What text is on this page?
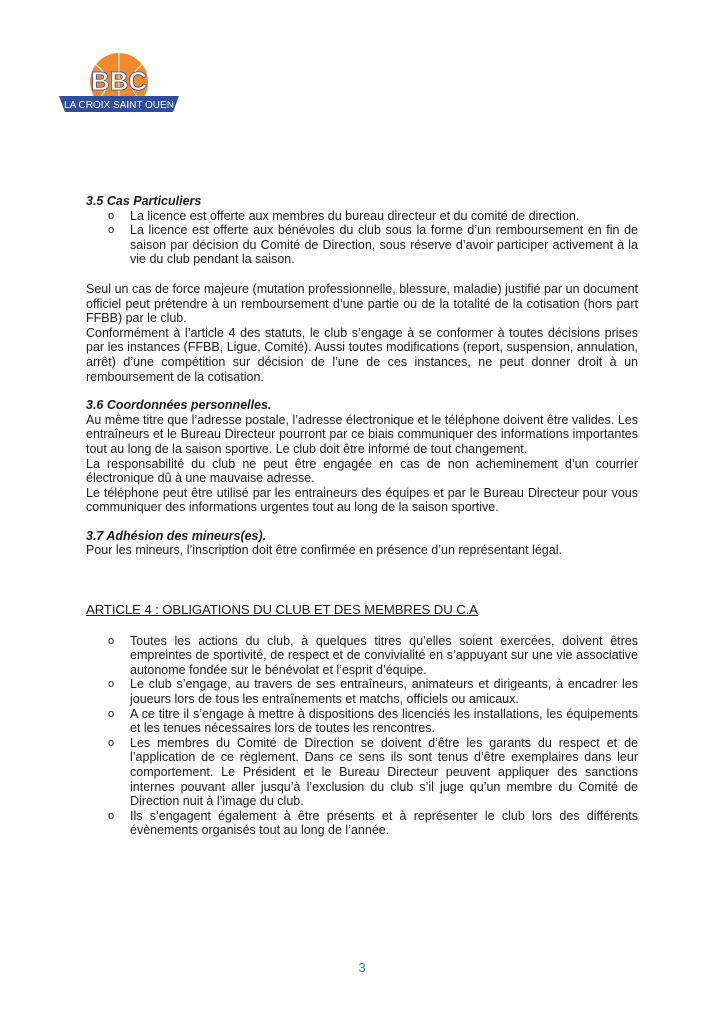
BBC
LA CROIX SAINT OUEN

3.5 Cas Particuliers

o La licence est offerte aux membres du bureau directeur et du comité de direction.
o La licence est offerte aux bénévoles du club sous la forme d’un remboursement en fin de saison par décision du Comité de Direction, sous réserve d’avoir participer activement à la vie du club pendant la saison.

Seul un cas de force majeure (mutation professionnelle, blessure, maladie) justifié par un document officiel peut prétendre à un remboursement d’une partie ou de la totalité de la cotisation (hors part FFBB) par le club.

Conformément à l’article 4 des statuts, le club s’engage à se conformer à toutes décisions prises par les instances (FFBB, Ligue, Comité). Aussi toutes modifications (report, suspension, annulation, arrêt) d’une compétition sur décision de l’une de ces instances, ne peut donner droit à un remboursement de la cotisation.

3.6 Coordonnées personnelles.

Au même titre que l’adresse postale, l’adresse électronique et le téléphone doivent être valides. Les entraîneurs et le Bureau Directeur pourront par ce biais communiquer des informations importantes tout au long de la saison sportive. Le club doit être informé de tout changement.

La responsabilité du club ne peut être engagée en cas de non acheminement d’un courrier électronique dû à une mauvaise adresse.

Le téléphone peut être utilisé par les entraineurs des équipes et par le Bureau Directeur pour vous communiquer des informations urgentes tout au long de la saison sportive.

3.7 Adhésion des mineurs(es).

Pour les mineurs, l’inscription doit être confirmée en présence d’un représentant légal.

ARTICLE 4 : OBLIGATIONS DU CLUB ET DES MEMBRES DU C.A

o Toutes les actions du club, à quelques titres qu’elles soient exercées, doivent êtres empreintes de sportivité, de respect et de convivialité en s’appuyant sur une vie associative autonome fondée sur le bénévolat et l’esprit d’équipe.
o Le club s’engage, au travers de ses entraîneurs, animateurs et dirigeants, à encadrer les joueurs lors de tous les entraînements et matchs, officiels ou amicaux.
o A ce titre il s’engage à mettre à dispositions des licenciés les installations, les équipements et les tenues nécessaires lors de toutes les rencontres.
o Les membres du Comité de Direction se doivent d’être les garants du respect et de l’application de ce règlement. Dans ce sens ils sont tenus d’être exemplaires dans leur comportement. Le Président et le Bureau Directeur peuvent appliquer des sanctions internes pouvant aller jusqu’à l’exclusion du club s’il juge qu’un membre du Comité de Direction nuit à l’image du club.
o Ils s’engagent également à être présents et à représenter le club lors des différents évènements organisés tout au long de l’année.
3
